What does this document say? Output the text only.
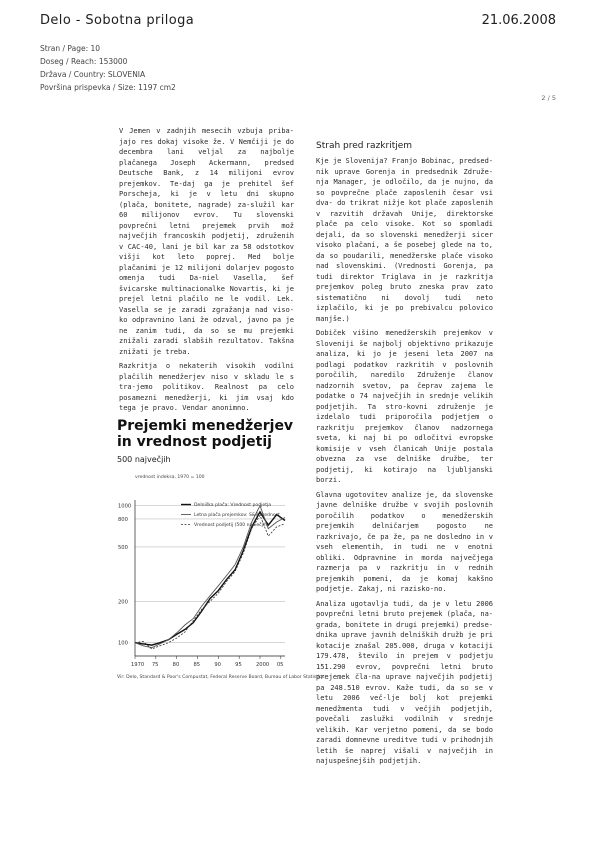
Delo - Sobotna priloga	21.06.2008
Stran / Page: 10
Doseg / Reach: 153000
Država / Country: SLOVENIA
Površina prispevka / Size: 1197 cm2
2 / 5

V Jemen v zadnjih mesecih vzbuja priba-jajo res dokaj visoke že. V Nemčiji je do decembra lani veljal za najbolje plačanega Joseph Ackermann, predsed Deutsche Bank, z 14 milijoni evrov prejemkov. Te-daj ga je prehitel šef Porscheja, ki je v letu dni skupno (plača, bonitete, nagrade) za-služil kar 60 milijonov evrov. Tu slovenski povprečni letni prejemek prvih mož največjih francoskih podjetij, združenih v CAC-40, lani je bil kar za 58 odstotkov višji kot leto poprej. Med bolje plačanimi je 12 milijoni dolarjev pogosto omenja tudi Da-niel Vasella, šef švicarske multinacionalke Novartis, ki je prejel letni plačilo ne le vodil. Lek. Vasella se je zaradi zgražanja nad viso-ko odpravnino lani že odzval, javno pa je ne zanim tudi, da so se mu prejemki znižali zaradi slabših rezultatov. Takšna znižati je treba.

Razkritja o nekaterih visokih vodilni plačilih menedžerjev niso v skladu le s tra-jemo politikov. Realnost pa celo posamezni menedžerji, ki jim vsaj kdo tega je pravo. Vendar anonimno.

Strah pred razkritjem

Kje je Slovenija? Franjo Bobinac, predsed-nik uprave Gorenja in predsednik Združe-nja Manager, je odločilo, da je nujno, da so povprečne plače zaposlenih česar vsi dva- do trikrat nižje kot plače zaposlenih v razvitih državah Unije, direktorske plače pa celo visoke. Kot so spomladi dejali, da so slovenski menedžerji sicer visoko plačani, a še posebej glede na to, da so poudarili, menedžerske plače visoko nad slovenskimi. (Vrednosti Gorenja, pa tudi direktor Triglava in je razkritja prejemkov poleg bruto zneska prav zato sistematično ni dovolj tudi neto izplačilo, ki je po prebivalcu polovico manjše.)

Dobiček višino menedžerskih prejemkov v Sloveniji še najbolj objektivno prikazuje analiza, ki jo je jeseni leta 2007 na podlagi podatkov razkritih v poslovnih poročilih, naredilo Združenje članov nadzornih svetov, pa čeprav zajema le podatke o 74 največjih in srednje velikih podjetjih. Ta stro-kovni združenje je izdelalo tudi priporočila podjetjem o razkritju prejemkov članov nadzornega sveta, ki naj bi po odločitvi evropske komisije v vseh članicah Unije postala obvezna za vse delniške družbe, ter podjetij, ki kotirajo na ljubljanski borzi.

Glavna ugotovitev analize je, da slovenske javne delniške družbe v svojih poslovnih poročilih podatkov o menedžerskih prejemkih delničarjem pogosto ne razkrivajo, če pa že, pa ne dosledno in v vseh elementih, in tudi ne v enotni obliki. Odpravnine in morda največjega razmerja pa v razkritju in v rednih prejemkih pomeni, da je komaj kakšno podjetje. Zakaj, ni razisko-no.

Analiza ugotavlja tudi, da je v letu 2006 povprečni letni bruto prejemek (plača, na-grada, bonitete in drugi prejemki) predse-dnika uprave javnih delniških družb je pri kotacije znašal 205.000, druga v kotaciji 179.478, število in prejem v podjetju 151.290 evrov, povprečni letni bruto prejemek čla-na uprave največjih podjetij pa 248.510 evrov. Kaže tudi, da so se v letu 2006 več-lje bolj kot prejemki menedžmenta tudi v večjih podjetjih, povečali zaslužki vodilnih v srednje velikih. Kar verjetno pomeni, da se bodo zaradi domnevne ureditve tudi v prihodnjih letih še naprej višali v največjih in najuspešnejših podjetjih.

Prejemki menedžerjev in vrednost podjetij
500 največjih
vrednost indeksa, 1970 = 100
1000
800
500
200
100
1970 75	80	85	90	95	2000 05
Delniška plača: Vrednost podjetja
Letna plača prejemkov: S&P vrednost
Vrednost podjetij (500 največjih)
Vir: Delo, Standard & Poor's Compustat, Federal Reserve Board, Bureau of Labor Statistics
